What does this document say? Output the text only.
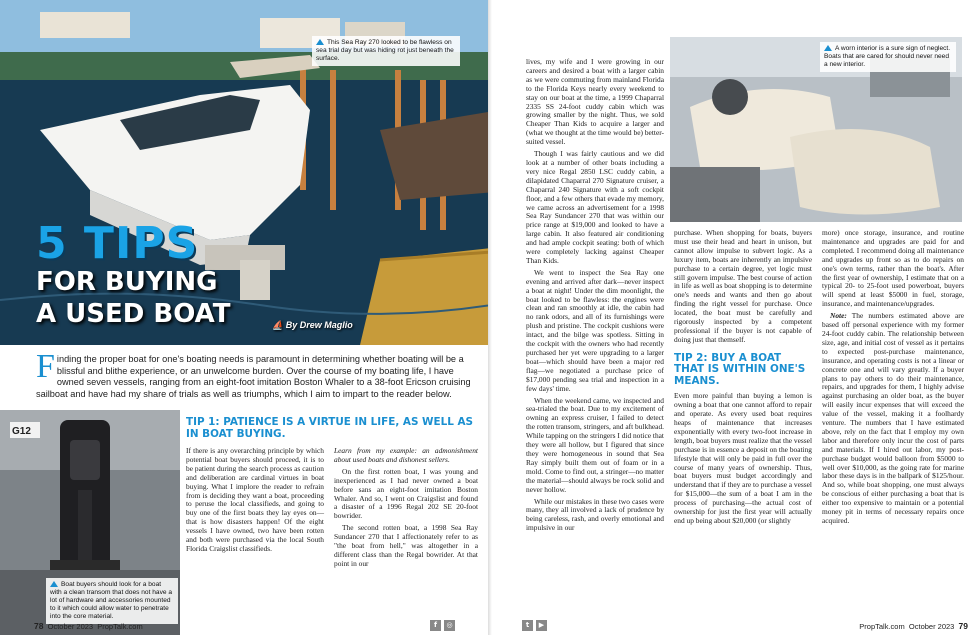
This Sea Ray 270 looked to be flawless on sea trial day but was hiding rot just beneath the surface.
5 TIPS
FOR BUYING
A USED BOAT	⛵ By Drew Maglio

Finding the proper boat for one's boating needs is paramount in determining whether boating will be a blissful and blithe experience, or an unwelcome burden. Over the course of my boating life, I have owned seven vessels, ranging from an eight-foot imitation Boston Whaler to a 38-foot Ericson cruising sailboat and have had my share of trials as well as triumphs, which I aim to impart to the reader below.

G12
Boat buyers should look for a boat with a clean transom that does not have a lot of hardware and accessories mounted to it which could allow water to penetrate into the core material.
TIP 1: PATIENCE IS A VIRTUE IN LIFE, AS WELL AS IN BOAT BUYING.

If there is any overarching principle by which potential boat buyers should proceed, it is to be patient during the search process as caution and deliberation are cardinal virtues in boat buying. What I implore the reader to refrain from is deciding they want a boat, proceeding to peruse the local classifieds, and going to buy one of the first boats they lay eyes on—that is how disasters happen! Of the eight vessels I have owned, two have been rotten and both were purchased via the local South Florida Craigslist classifieds.

Learn from my example: an admonishment about used boats and dishonest sellers.

On the first rotten boat, I was young and inexperienced as I had never owned a boat before sans an eight-foot imitation Boston Whaler. And so, I went on Craigslist and found a disaster of a 1996 Regal 202 SE 20-foot bowrider.

The second rotten boat, a 1998 Sea Ray Sundancer 270 that I affectionately refer to as "the boat from hell," was altogether in a different class than the Regal bowrider. At that point in our

78 October 2023 PropTalk.com	f	◎

lives, my wife and I were growing in our careers and desired a boat with a larger cabin as we were commuting from mainland Florida to the Florida Keys nearly every weekend to stay on our boat at the time, a 1999 Chaparral 2335 SS 24-foot cuddy cabin which was growing smaller by the night. Thus, we sold Cheaper Than Kids to acquire a larger and (what we thought at the time would be) better-suited vessel.

Though I was fairly cautious and we did look at a number of other boats including a very nice Regal 2850 LSC cuddy cabin, a dilapidated Chaparral 270 Signature cruiser, a Chaparral 240 Signature with a soft cockpit floor, and a few others that evade my memory, we came across an advertisement for a 1998 Sea Ray Sundancer 270 that was within our price range at $19,000 and looked to have a large cabin. It also featured air conditioning and had ample cockpit seating: both of which were completely lacking against Cheaper Than Kids.

We went to inspect the Sea Ray one evening and arrived after dark—never inspect a boat at night! Under the dim moonlight, the boat looked to be flawless: the engines were clean and ran smoothly at idle, the cabin had no rank odors, and all of its furnishings were plush and pristine. The cockpit cushions were intact, and the bilge was spotless. Sitting in the cockpit with the owners who had recently purchased her yet were upgrading to a larger boat—which should have been a major red flag—we negotiated a purchase price of $17,000 pending sea trial and inspection in a few days' time.

When the weekend came, we inspected and sea-trialed the boat. Due to my excitement of owning an express cruiser, I failed to detect the rotten transom, stringers, and aft bulkhead. While tapping on the stringers I did notice that they were all hollow, but I figured that since they were homogeneous in sound that Sea Ray simply built them out of foam or in a mold. Come to find out, a stringer—no matter the material—should always be rock solid and never hollow.

While our mistakes in these two cases were many, they all involved a lack of prudence by being careless, rash, and overly emotional and impulsive in our

A worn interior is a sure sign of neglect. Boats that are cared for should never need a new interior.

purchase. When shopping for boats, buyers must use their head and heart in unison, but cannot allow impulse to subvert logic. As a luxury item, boats are inherently an impulsive purchase to a certain degree, yet logic must still govern impulse. The best course of action in life as well as boat shopping is to determine one's needs and wants and then go about finding the right vessel for purchase. Once located, the boat must be carefully and rigorously inspected by a competent professional if the buyer is not capable of doing just that themself.

TIP 2: BUY A BOAT THAT IS WITHIN ONE'S MEANS.

Even more painful than buying a lemon is owning a boat that one cannot afford to repair and operate. As every used boat requires heaps of maintenance that increases exponentially with every two-foot increase in length, boat buyers must realize that the vessel purchase is in essence a deposit on the boating lifestyle that will only be paid in full over the course of many years of ownership. Thus, boat buyers must budget accordingly and understand that if they are to purchase a vessel for $15,000—the sum of a boat I am in the process of purchasing—the actual cost of ownership for just the first year will actually end up being about $20,000 (or slightly

more) once storage, insurance, and routine maintenance and upgrades are paid for and completed. I recommend doing all maintenance and upgrades up front so as to do repairs on one's own terms, rather than the boat's. After the first year of ownership, I estimate that on a typical 20- to 25-foot used powerboat, buyers will spend at least $5000 in fuel, storage, insurance, and maintenance/upgrades.

Note: The numbers estimated above are based off personal experience with my former 24-foot cuddy cabin. The relationship between size, age, and initial cost of vessel as it pertains to expected post-purchase maintenance, insurance, and operating costs is not a linear or concrete one and will vary greatly. If a buyer plans to pay others to do their maintenance, repairs, and upgrades for them, I highly advise against purchasing an older boat, as the buyer will easily incur expenses that will exceed the value of the vessel, making it a foolhardy venture. The numbers that I have estimated above, rely on the fact that I employ my own labor and therefore only incur the cost of parts and materials. If I hired out labor, my post-purchase budget would balloon from $5000 to well over $10,000, as the going rate for marine labor these days is in the ballpark of $125/hour. And so, while boat shopping, one must always be conscious of either purchasing a boat that is either too expensive to maintain or a potential money pit in terms of necessary repairs once acquired.

t	▶	PropTalk.com October 2023 79
